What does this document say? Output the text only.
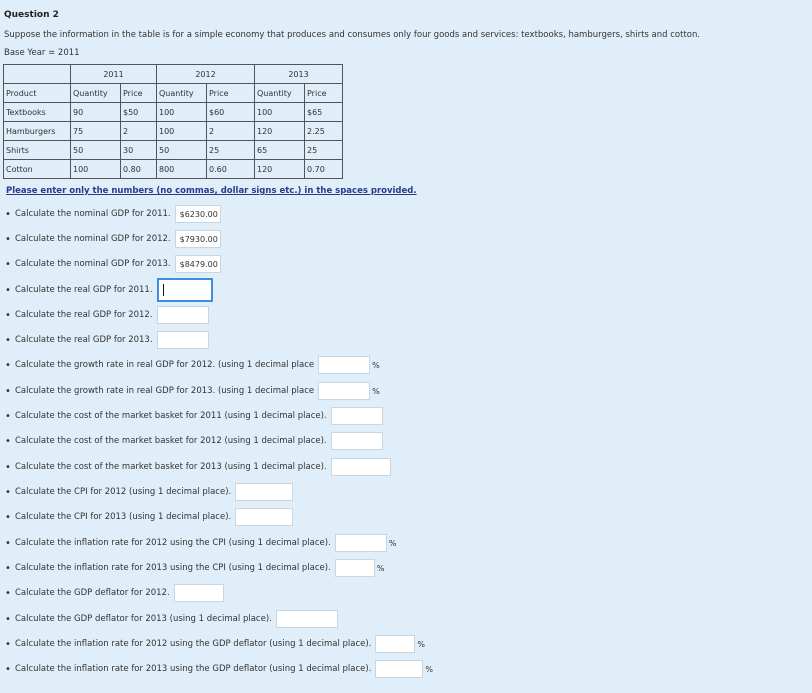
Question 2
Suppose the information in the table is for a simple economy that produces and consumes only four goods and services: textbooks, hamburgers, shirts and cotton.
Base Year = 2011
	2011		2012		2013	
Product	Quantity	Price	Quantity	Price	Quantity	Price
Textbooks	90	$50	100	$60	100	$65
Hamburgers	75	2	100	2	120	2.25
Shirts	50	30	50	25	65	25
Cotton	100	0.80	800	0.60	120	0.70
Please enter only the numbers (no commas, dollar signs etc.) in the spaces provided.
• Calculate the nominal GDP for 2011.	$6230.00
• Calculate the nominal GDP for 2012.	$7930.00
• Calculate the nominal GDP for 2013.	$8479.00
• Calculate the real GDP for 2011.
• Calculate the real GDP for 2012.
• Calculate the real GDP for 2013.
• Calculate the growth rate in real GDP for 2012. (using 1 decimal place	%
• Calculate the growth rate in real GDP for 2013. (using 1 decimal place	%
• Calculate the cost of the market basket for 2011 (using 1 decimal place).
• Calculate the cost of the market basket for 2012 (using 1 decimal place).
• Calculate the cost of the market basket for 2013 (using 1 decimal place).
• Calculate the CPI for 2012 (using 1 decimal place).
• Calculate the CPI for 2013 (using 1 decimal place).
• Calculate the inflation rate for 2012 using the CPI (using 1 decimal place).	%
• Calculate the inflation rate for 2013 using the CPI (using 1 decimal place).	%
• Calculate the GDP deflator for 2012.
• Calculate the GDP deflator for 2013 (using 1 decimal place).
• Calculate the inflation rate for 2012 using the GDP deflator (using 1 decimal place).	%
• Calculate the inflation rate for 2013 using the GDP deflator (using 1 decimal place).	%
